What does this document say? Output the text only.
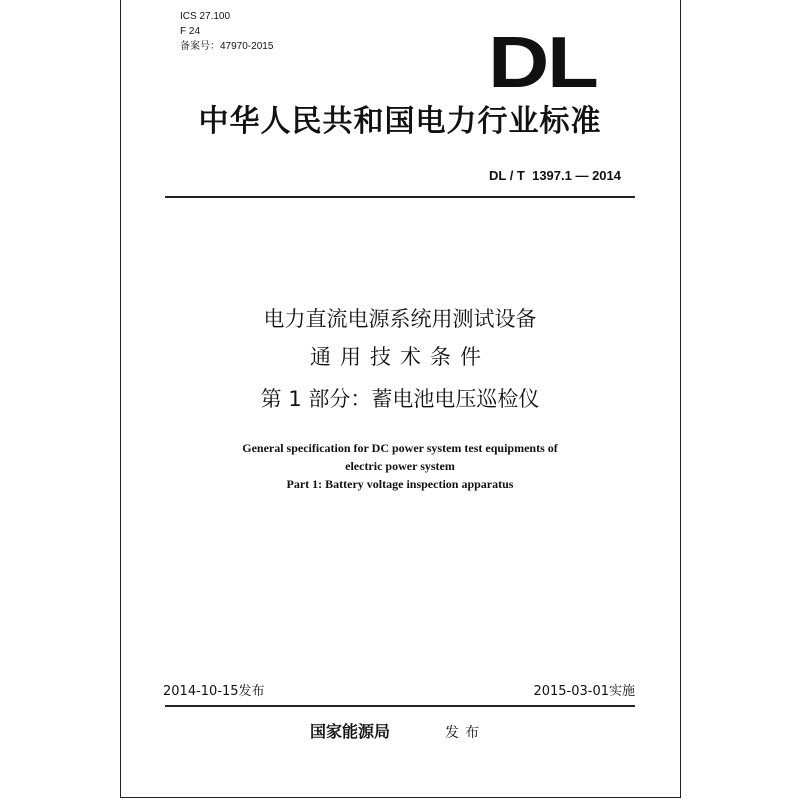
ICS 27.100
F 24
备案号：47970-2015	DL
中华人民共和国电力行业标准
DL / T  1397.1 — 2014
电力直流电源系统用测试设备
通用技术条件
第 1 部分：蓄电池电压巡检仪
General specification for DC power system test equipments of
electric power system
Part 1: Battery voltage inspection apparatus
2014-10-15发布	2015-03-01实施
国家能源局	发布
